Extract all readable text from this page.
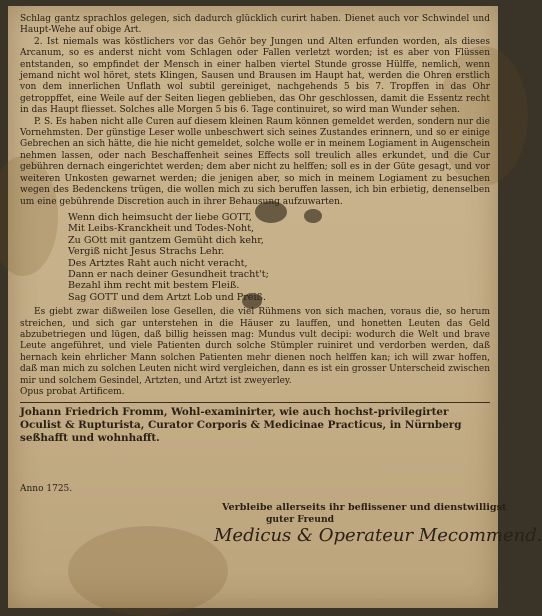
Schlag gantz sprachlos gelegen, sich dadurch glücklich curirt haben. Dienet auch vor Schwindel und Haupt-Wehe auf obige Art.

2. Ist niemals was köstlichers vor das Gehör bey Jungen und Alten erfunden worden, als dieses Arcanum, so es anderst nicht vom Schlagen oder Fallen verletzt worden; ist es aber von Flüssen entstanden, so empfindet der Mensch in einer halben viertel Stunde grosse Hülffe, nemlich, wenn jemand nicht wol höret, stets Klingen, Sausen und Brausen im Haupt hat, werden die Ohren erstlich von dem innerlichen Unflath wol subtil gereiniget, nachgehends 5 bis 7. Tropffen in das Ohr getroppffet, eine Weile auf der Seiten liegen geblieben, das Ohr geschlossen, damit die Essentz recht in das Haupt fliesset. Solches alle Morgen 5 bis 6. Tage continuiret, so wird man Wunder sehen.

P. S. Es haben nicht alle Curen auf diesem kleinen Raum können gemeldet werden, sondern nur die Vornehmsten. Der günstige Leser wolle unbeschwert sich seines Zustandes erinnern, und so er einige Gebrechen an sich hätte, die hie nicht gemeldet, solche wolle er in meinem Logiament in Augenschein nehmen lassen, oder nach Beschaffenheit seines Effects soll treulich alles erkundet, und die Cur gebühren dernach eingerichtet werden; dem aber nicht zu helffen; soll es in der Güte gesagt, und vor weiteren Unkosten gewarnet werden; die jenigen aber, so mich in meinem Logiament zu besuchen wegen des Bedenckens trügen, die wollen mich zu sich beruffen lassen, ich bin erbietig, denenselben um eine gebührende Discretion auch in ihrer Behausung aufzuwarten.

Wenn dich heimsucht der liebe GOTT,
Mit Leibs-Kranckheit und Todes-Noht,
Zu GOtt mit gantzem Gemüht dich kehr,
Vergiß nicht Jesus Strachs Lehr.
Des Artztes Raht auch nicht veracht,
Dann er nach deiner Gesundheit tracht't;
Bezahl ihm recht mit bestem Fleiß.
Sag GOTT und dem Artzt Lob und Preiß.

Es giebt zwar dißweilen lose Gesellen, die viel Rühmens von sich machen, voraus die, so herum streichen, und sich gar unterstehen in die Häuser zu lauffen, und honetten Leuten das Geld abzubetriegen und lügen, daß billig heissen mag: Mundus vult decipi: wodurch die Welt und brave Leute angeführet, und viele Patienten durch solche Stümpler ruiniret und verdorben werden, daß hernach kein ehrlicher Mann solchen Patienten mehr dienen noch helffen kan; ich will zwar hoffen, daß man mich zu solchen Leuten nicht wird vergleichen, dann es ist ein grosser Unterscheid zwischen mir und solchem Gesindel, Artzten, und Artzt ist zweyerley.

Opus probat Artificem.

Johann Friedrich Fromm, Wohl-examinirter, wie auch hochst-privilegirter Oculist & Rupturista, Curator Corporis & Medicinae Practicus, in Nürnberg seßhafft und wohnhafft.

Anno 1725.
Verbleibe allerseits ihr beflissener und dienstwilligst
guter Freund
Medicus & Operateur Mecommend.
